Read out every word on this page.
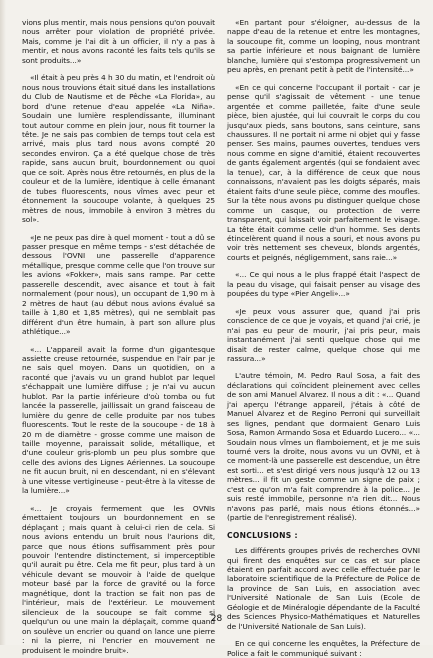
vions plus mentir, mais nous pensions qu'on pouvait nous arrêter pour violation de propriété privée. Mais, comme je l'ai dit à un officier, il n'y a pas à mentir, et nous avons raconté les faits tels qu'ils se sont produits...»

«Il était à peu près 4 h 30 du matin, et l'endroit où nous nous trouvions était situé dans les installations du Club de Nautisme et de Pêche «La Florida», au bord d'une retenue d'eau appelée «La Niña». Soudain une lumière resplendissante, illuminant tout autour comme en plein jour, nous fit tourner la tête. Je ne sais pas combien de temps tout cela est arrivé, mais plus tard nous avons compté 20 secondes environ. Ça a été quelque chose de très rapide, sans aucun bruit, bourdonnement ou quoi que ce soit. Après nous être retournés, en plus de la couleur et de la lumière, identique à celle émanant de tubes fluorescents, nous vîmes avec peur et étonnement la soucoupe volante, à quelques 25 mètres de nous, immobile à environ 3 mètres du sol».

«Je ne peux pas dire à quel moment - tout a dû se passer presque en même temps - s'est détachée de dessous l'OVNI une passerelle d'apparence métallique, presque comme celle que l'on trouve sur les avions «Fokker», mais sans rampe. Par cette passerelle descendit, avec aisance et tout à fait normalement (pour nous), un occupant de 1,90 m à 2 mètres de haut (au début nous avions évalué sa taille à 1,80 et 1,85 mètres), qui ne semblait pas différent d'un être humain, à part son allure plus athlétique...»

«... L'appareil avait la forme d'un gigantesque assiette creuse retournée, suspendue en l'air par je ne sais quel moyen. Dans un quotidien, on a raconté que j'avais vu un grand hublot par lequel s'échappait une lumière diffuse ; je n'ai vu aucun hublot. Par la partie inférieure d'où tomba ou fut lancée la passerelle, jaillissait un grand faisceau de lumière du genre de celle produite par nos tubes fluorescents. Tout le reste de la soucoupe - de 18 à 20 m de diamètre - grosse comme une maison de taille moyenne, paraissait solide, métallique, et d'une couleur gris-plomb un peu plus sombre que celle des avions des Lignes Aériennes. La soucoupe ne fit aucun bruit, ni en descendant, ni en s'élevant à une vitesse vertigineuse - peut-être à la vitesse de la lumière...»

«... Je croyais fermement que les OVNIs émettaient toujours un bourdonnement en se déplaçant ; mais quant à celui-ci rien de cela. Si nous avions entendu un bruit nous l'aurions dit, parce que nous étions suffisamment près pour pouvoir l'entendre distinctement, si imperceptible qu'il aurait pu être. Cela me fit peur, plus tard à un véhicule devant se mouvoir à l'aide de quelque moteur basé par la force de gravité ou la force magnétique, dont la traction se fait non pas de l'intérieur, mais de l'extérieur. Le mouvement silencieux de la soucoupe se fait comme si quelqu'un ou une main la déplaçait, comme quand on soulève un encrier ou quand on lance une pierre : ni la pierre, ni l'encrier en mouvement ne produisent le moindre bruit».

«En partant pour s'éloigner, au-dessus de la nappe d'eau de la retenue et entre les montagnes, la soucoupe fit, comme un looping, nous montrant sa partie inférieure et nous baignant de lumière blanche, lumière qui s'estompa progressivement un peu après, en prenant petit à petit de l'intensité...»

«En ce qui concerne l'occupant il portait - car je pense qu'il s'agissait de vêtement - une tenue argentée et comme pailletée, faite d'une seule pièce, bien ajustée, qui lui couvrait le corps du cou jusqu'aux pieds, sans boutons, sans ceinture, sans chaussures. Il ne portait ni arme ni objet qui y fasse penser. Ses mains, paumes ouvertes, tendues vers nous comme en signe d'amitié, étaient recouvertes de gants également argentés (qui se fondaient avec la tenue), car, à la différence de ceux que nous connaissons, n'avaient pas les doigts séparés, mais étaient faits d'une seule pièce, comme des moufles. Sur la tête nous avons pu distinguer quelque chose comme un casque, ou protection de verre transparent, qui laissait voir parfaitement le visage. La tête était comme celle d'un homme. Ses dents étincelèrent quand il nous a souri, et nous avons pu voir très nettement ses cheveux, blonds argentés, courts et peignés, négligemment, sans raie...»

«... Ce qui nous a le plus frappé était l'aspect de la peau du visage, qui faisait penser au visage des poupées du type «Pier Angeli»...»

«Je peux vous assurer que, quand j'ai pris conscience de ce que je voyais, et quand j'ai crié, je n'ai pas eu peur de mourir, j'ai pris peur, mais instantanément j'ai senti quelque chose qui me disait de rester calme, quelque chose qui me rassura...»

L'autre témoin, M. Pedro Raul Sosa, a fait des déclarations qui coïncident pleinement avec celles de son ami Manuel Alvarez. Il nous a dit : «... Quand j'ai aperçu l'étrange appareil, j'étais à côté de Manuel Alvarez et de Regino Perroni qui surveillait ses lignes, pendant que dormaient Genaro Luis Sosa, Ramon Armando Sosa et Eduardo Lucero... «... Soudain nous vîmes un flamboiement, et je me suis tourné vers la droite, nous avons vu un OVNI, et à ce moment-là une passerelle est descendue, un être est sorti... et s'est dirigé vers nous jusqu'à 12 ou 13 mètres... il fit un geste comme un signe de paix ; c'est ce qu'on m'a fait comprendre à la police... Je suis resté immobile, personne n'a rien dit... Nous n'avons pas parlé, mais nous étions étonnés...» (partie de l'enregistrement réalisé).

CONCLUSIONS :

Les différents groupes privés de recherches OVNI qui firent des enquêtes sur ce cas et sur place étaient en parfait accord avec celle effectuée par le laboratoire scientifique de la Préfecture de Police de la province de San Luis, en association avec l'Université Nationale de San Luis (Ecole de Géologie et de Minéralogie dépendante de la Faculté des Sciences Physico-Mathématiques et Naturelles de l'Université Nationale de San Luis).

En ce qui concerne les enquêtes, la Préfecture de Police a fait le communiqué suivant :

28
